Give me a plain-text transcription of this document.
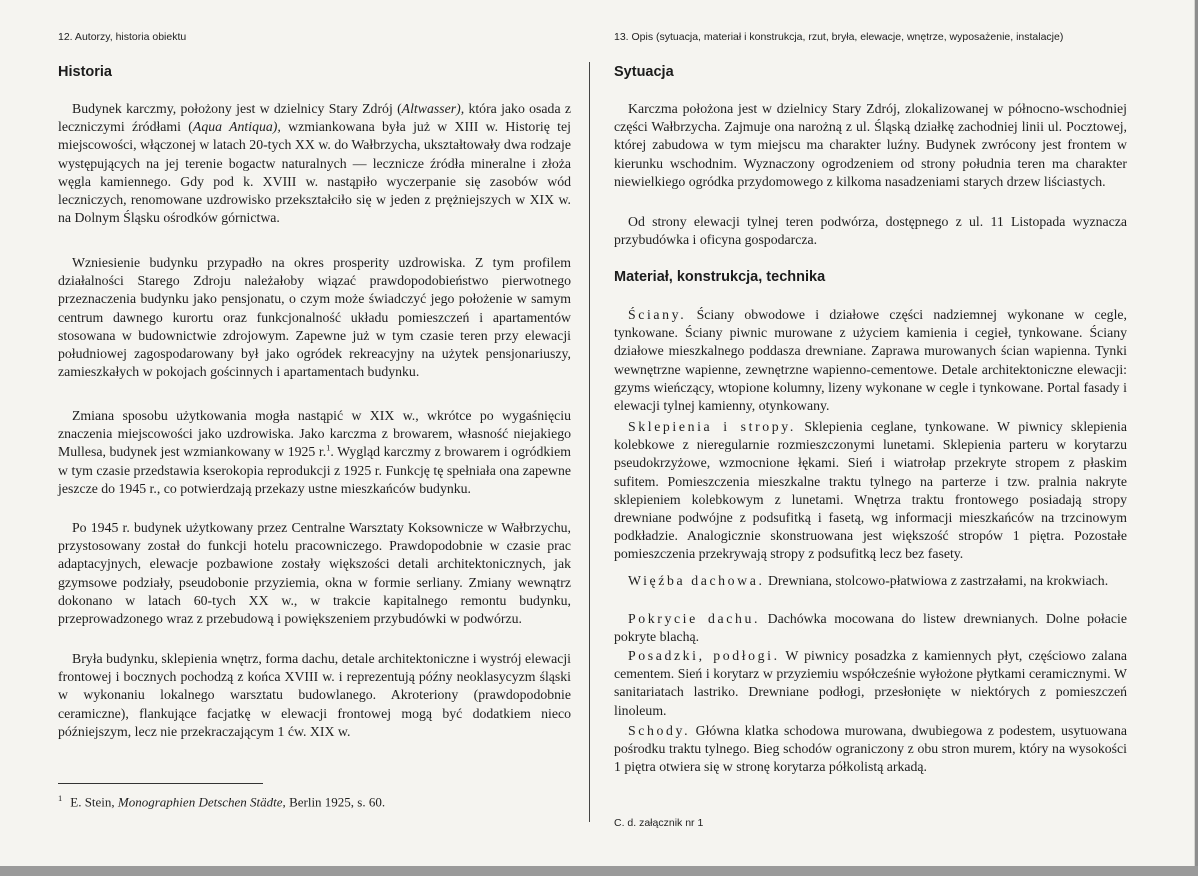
12. Autorzy, historia obiektu	13. Opis (sytuacja, materiał i konstrukcja, rzut, bryła, elewacje, wnętrze, wyposażenie, instalacje)
Historia
Budynek karczmy, położony jest w dzielnicy Stary Zdrój (Altwasser), która jako osada z leczniczymi źródłami (Aqua Antiqua), wzmiankowana była już w XIII w. Historię tej miejscowości, włączonej w latach 20-tych XX w. do Wałbrzycha, ukształtowały dwa rodzaje występujących na jej terenie bogactw naturalnych — lecznicze źródła mineralne i złoża węgla kamiennego. Gdy pod k. XVIII w. nastąpiło wyczerpanie się zasobów wód leczniczych, renomowane uzdrowisko przekształciło się w jeden z prężniejszych w XIX w. na Dolnym Śląsku ośrodków górnictwa.
Wzniesienie budynku przypadło na okres prosperity uzdrowiska. Z tym profilem działalności Starego Zdroju należałoby wiązać prawdopodobieństwo pierwotnego przeznaczenia budynku jako pensjonatu, o czym może świadczyć jego położenie w samym centrum dawnego kurortu oraz funkcjonalność układu pomieszczeń i apartamentów stosowana w budownictwie zdrojowym. Zapewne już w tym czasie teren przy elewacji południowej zagospodarowany był jako ogródek rekreacyjny na użytek pensjonariuszy, zamieszkałych w pokojach gościnnych i apartamentach budynku.
Zmiana sposobu użytkowania mogła nastąpić w XIX w., wkrótce po wygaśnięciu znaczenia miejscowości jako uzdrowiska. Jako karczma z browarem, własność niejakiego Mullesa, budynek jest wzmiankowany w 1925 r.$^1$. Wygląd karczmy z browarem i ogródkiem w tym czasie przedstawia kserokopia reprodukcji z 1925 r. Funkcję tę spełniała ona zapewne jeszcze do 1945 r., co potwierdzają przekazy ustne mieszkańców budynku.
Po 1945 r. budynek użytkowany przez Centralne Warsztaty Koksownicze w Wałbrzychu, przystosowany został do funkcji hotelu pracowniczego. Prawdopodobnie w czasie prac adaptacyjnych, elewacje pozbawione zostały większości detali architektonicznych, jak gzymsowe podziały, pseudobonie przyziemia, okna w formie serliany. Zmiany wewnątrz dokonano w latach 60-tych XX w., w trakcie kapitalnego remontu budynku, przeprowadzonego wraz z przebudową i powiększeniem przybudówki w podwórzu.
Bryła budynku, sklepienia wnętrz, forma dachu, detale architektoniczne i wystrój elewacji frontowej i bocznych pochodzą z końca XVIII w. i reprezentują późny neoklasycyzm śląski w wykonaniu lokalnego warsztatu budowlanego. Akroteriony (prawdopodobnie ceramiczne), flankujące facjatkę w elewacji frontowej mogą być dodatkiem nieco późniejszym, lecz nie przekraczającym 1 ćw. XIX w.
$^1$ E. Stein, Monographien Detschen Städte, Berlin 1925, s. 60.
Sytuacja
Karczma położona jest w dzielnicy Stary Zdrój, zlokalizowanej w północno-wschodniej części Wałbrzycha. Zajmuje ona narożną z ul. Śląską działkę zachodniej linii ul. Pocztowej, której zabudowa w tym miejscu ma charakter luźny. Budynek zwrócony jest frontem w kierunku wschodnim. Wyznaczony ogrodzeniem od strony południa teren ma charakter niewielkiego ogródka przydomowego z kilkoma nasadzeniami starych drzew liściastych.
Od strony elewacji tylnej teren podwórza, dostępnego z ul. 11 Listopada wyznacza przybudówka i oficyna gospodarcza.
Materiał, konstrukcja, technika
Ściany. Ściany obwodowe i działowe części nadziemnej wykonane w cegle, tynkowane. Ściany piwnic murowane z użyciem kamienia i cegieł, tynkowane. Ściany działowe mieszkalnego poddasza drewniane. Zaprawa murowanych ścian wapienna. Tynki wewnętrzne wapienne, zewnętrzne wapienno-cementowe. Detale architektoniczne elewacji: gzyms wieńczący, wtopione kolumny, lizeny wykonane w cegle i tynkowane. Portal fasady i elewacji tylnej kamienny, otynkowany.
Sklepienia i stropy. Sklepienia ceglane, tynkowane. W piwnicy sklepienia kolebkowe z nieregularnie rozmieszczonymi lunetami. Sklepienia parteru w korytarzu pseudokrzyżowe, wzmocnione łękami. Sień i wiatrołap przekryte stropem z płaskim sufitem. Pomieszczenia mieszkalne traktu tylnego na parterze i tzw. pralnia nakryte sklepieniem kolebkowym z lunetami. Wnętrza traktu frontowego posiadają stropy drewniane podwójne z podsufitką i fasetą, wg informacji mieszkańców na trzcinowym podkładzie. Analogicznie skonstruowana jest większość stropów 1 piętra. Pozostałe pomieszczenia przekrywają stropy z podsufitką lecz bez fasety.
Więźba dachowa. Drewniana, stolcowo-płatwiowa z zastrzałami, na krokwiach.
Pokrycie dachu. Dachówka mocowana do listew drewnianych. Dolne połacie pokryte blachą.
Posadzki, podłogi. W piwnicy posadzka z kamiennych płyt, częściowo zalana cementem. Sień i korytarz w przyziemiu współcześnie wyłożone płytkami ceramicznymi. W sanitariatach lastriko. Drewniane podłogi, przesłonięte w niektórych z pomieszczeń linoleum.
Schody. Główna klatka schodowa murowana, dwubiegowa z podestem, usytuowana pośrodku traktu tylnego. Bieg schodów ograniczony z obu stron murem, który na wysokości 1 piętra otwiera się w stronę korytarza półkolistą arkadą.
C. d. załącznik nr 1
